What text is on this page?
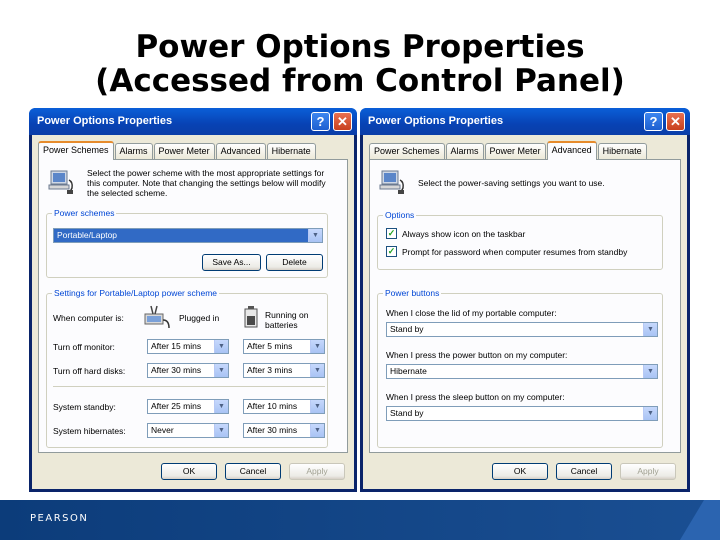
Power Options Properties
(Accessed from Control Panel)
Power Options Properties	? ✕
Power Schemes	Alarms	Power Meter	Advanced	Hibernate
Select the power scheme with the most appropriate settings for this computer. Note that changing the settings below will modify the selected scheme.
Power schemes
Portable/Laptop	▼
Save As...	Delete
Settings for Portable/Laptop power scheme
When computer is:	Plugged in	Running on batteries
Turn off monitor:	After 15 mins	▼	After 5 mins	▼
Turn off hard disks:	After 30 mins	▼	After 3 mins	▼
System standby:	After 25 mins	▼	After 10 mins	▼
System hibernates:	Never	▼	After 30 mins	▼
OK	Cancel	Apply
Power Options Properties	? ✕
Power Schemes	Alarms	Power Meter	Advanced	Hibernate
Select the power-saving settings you want to use.
Options
✓ Always show icon on the taskbar
✓ Prompt for password when computer resumes from standby
Power buttons
When I close the lid of my portable computer:
Stand by	▼
When I press the power button on my computer:
Hibernate	▼
When I press the sleep button on my computer:
Stand by	▼
OK	Cancel	Apply
PEARSON
